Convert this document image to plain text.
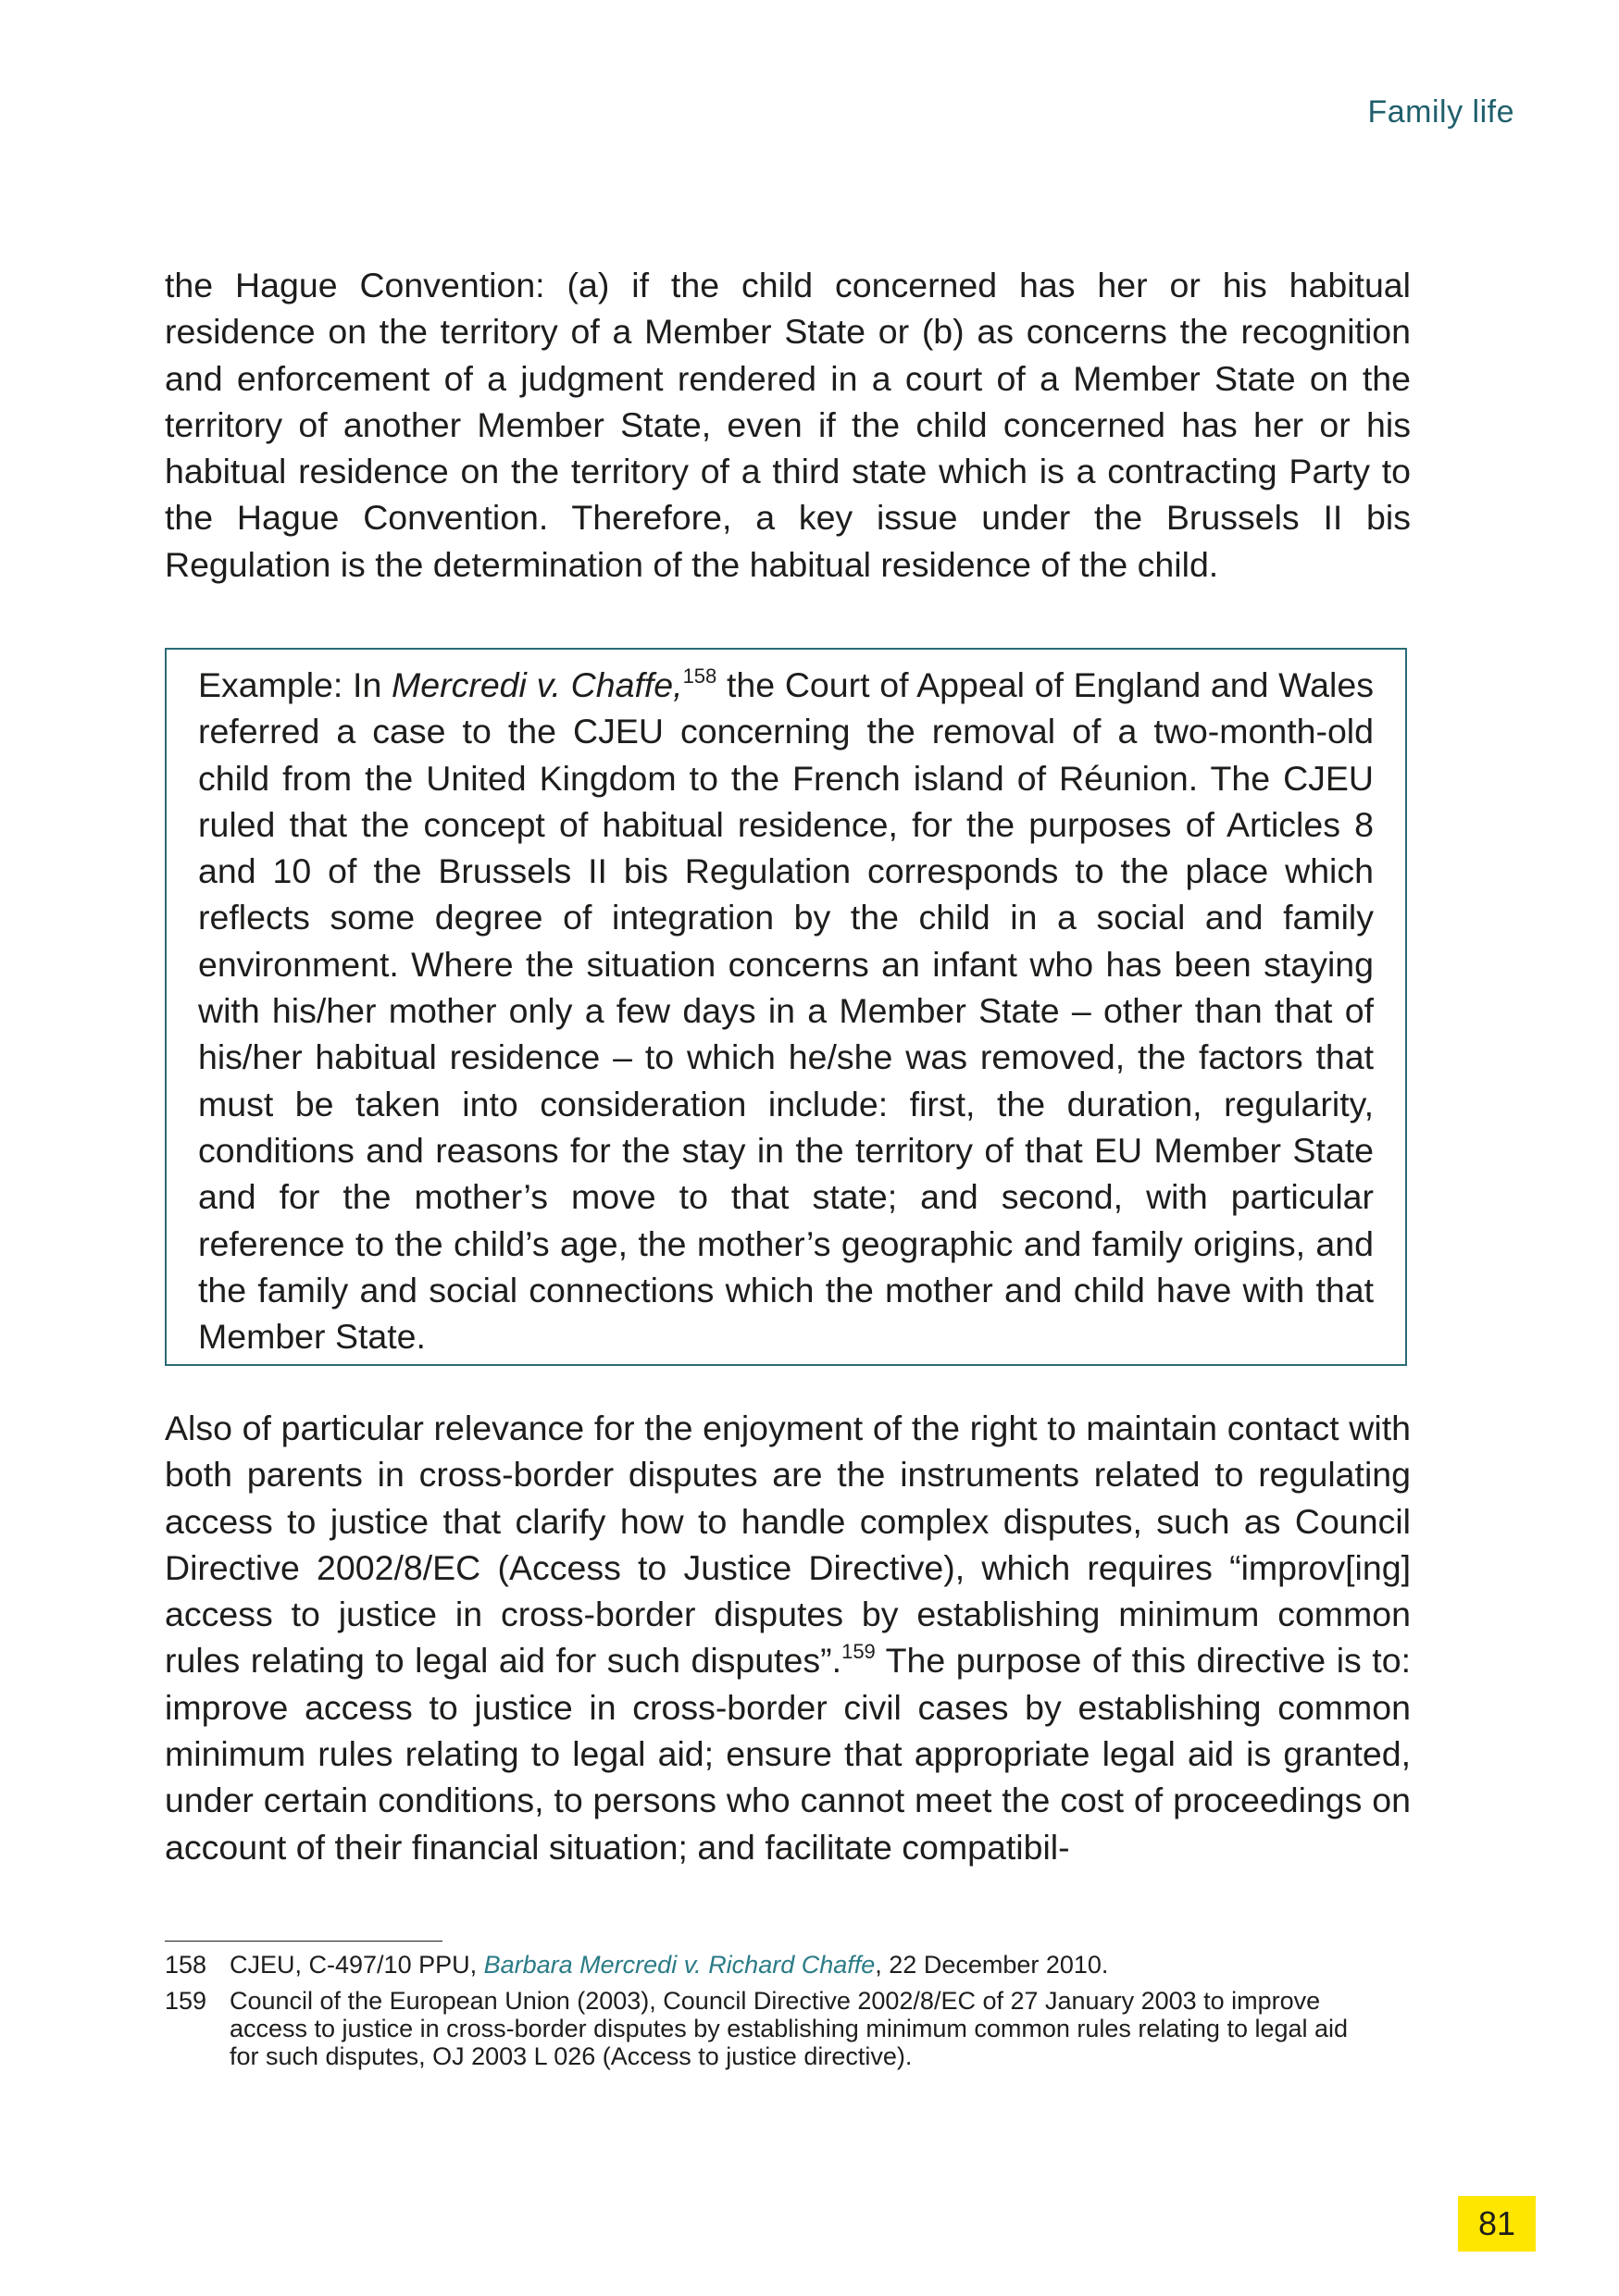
Family life

the Hague Convention: (a) if the child concerned has her or his habitual residence on the territory of a Member State or (b) as concerns the recognition and enforcement of a judgment rendered in a court of a Member State on the territory of another Member State, even if the child concerned has her or his habitual residence on the territory of a third state which is a contracting Party to the Hague Convention. Therefore, a key issue under the Brussels II bis Regulation is the determination of the habitual residence of the child.

Example: In Mercredi v. Chaffe,$^{158}$ the Court of Appeal of England and Wales referred a case to the CJEU concerning the removal of a two-month-old child from the United Kingdom to the French island of Réunion. The CJEU ruled that the concept of habitual residence, for the purposes of Articles 8 and 10 of the Brussels II bis Regulation corresponds to the place which reflects some degree of integration by the child in a social and family environment. Where the situation concerns an infant who has been staying with his/her mother only a few days in a Member State – other than that of his/her habitual residence – to which he/she was removed, the factors that must be taken into consideration include: first, the duration, regularity, conditions and reasons for the stay in the territory of that EU Member State and for the mother’s move to that state; and second, with particular reference to the child’s age, the mother’s geographic and family origins, and the family and social connections which the mother and child have with that Member State.

Also of particular relevance for the enjoyment of the right to maintain contact with both parents in cross-border disputes are the instruments related to regulating access to justice that clarify how to handle complex disputes, such as Council Directive 2002/8/EC (Access to Justice Directive), which requires “improv[ing] access to justice in cross-border disputes by establishing minimum common rules relating to legal aid for such disputes”.$^{159}$ The purpose of this directive is to: improve access to justice in cross-border civil cases by establishing common minimum rules relating to legal aid; ensure that appropriate legal aid is granted, under certain conditions, to persons who cannot meet the cost of proceedings on account of their financial situation; and facilitate compatibil-

158 CJEU, C-497/10 PPU, Barbara Mercredi v. Richard Chaffe, 22 December 2010.
159 Council of the European Union (2003), Council Directive 2002/8/EC of 27 January 2003 to improve access to justice in cross-border disputes by establishing minimum common rules relating to legal aid for such disputes, OJ 2003 L 026 (Access to justice directive).
81
